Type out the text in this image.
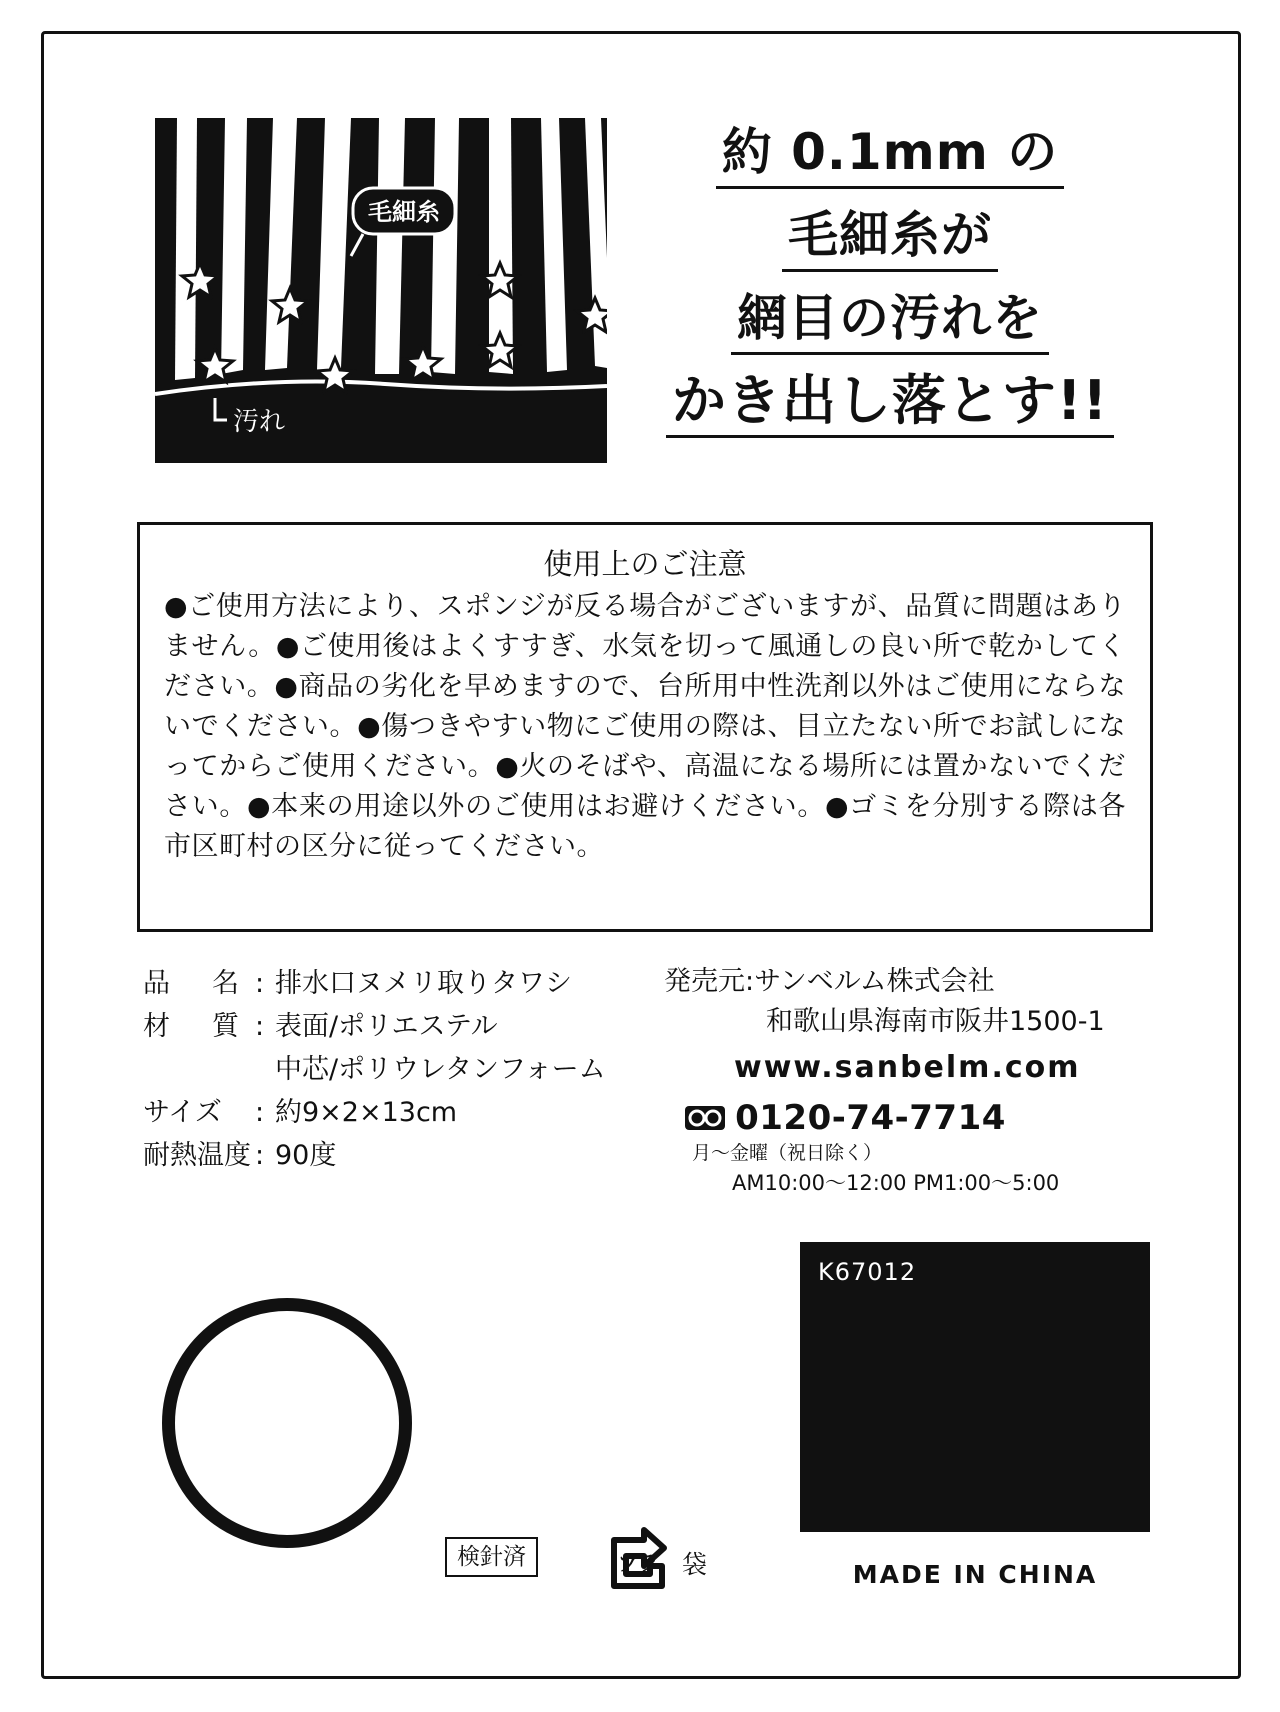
毛細糸
汚れ
約 0.1mm の
毛細糸が
網目の汚れを
かき出し落とす!!
使用上のご注意
●ご使用方法により、スポンジが反る場合がございますが、品質に問題はありません。●ご使用後はよくすすぎ、水気を切って風通しの良い所で乾かしてください。●商品の劣化を早めますので、台所用中性洗剤以外はご使用にならないでください。●傷つきやすい物にご使用の際は、目立たない所でお試しになってからご使用ください。●火のそばや、高温になる場所には置かないでください。●本来の用途以外のご使用はお避けください。●ゴミを分別する際は各市区町村の区分に従ってください。
品名 : 排水口ヌメリ取りタワシ
材質 : 表面/ポリエステル
中芯/ポリウレタンフォーム
サイズ	: 約9×2×13cm
耐熱温度 : 90度
発売元:サンベルム株式会社
和歌山県海南市阪井1500-1
www.sanbelm.com
0120-74-7714 月～金曜（祝日除く）
AM10:00～12:00 PM1:00～5:00
K67012
MADE IN CHINA
検針済	プラ 袋
